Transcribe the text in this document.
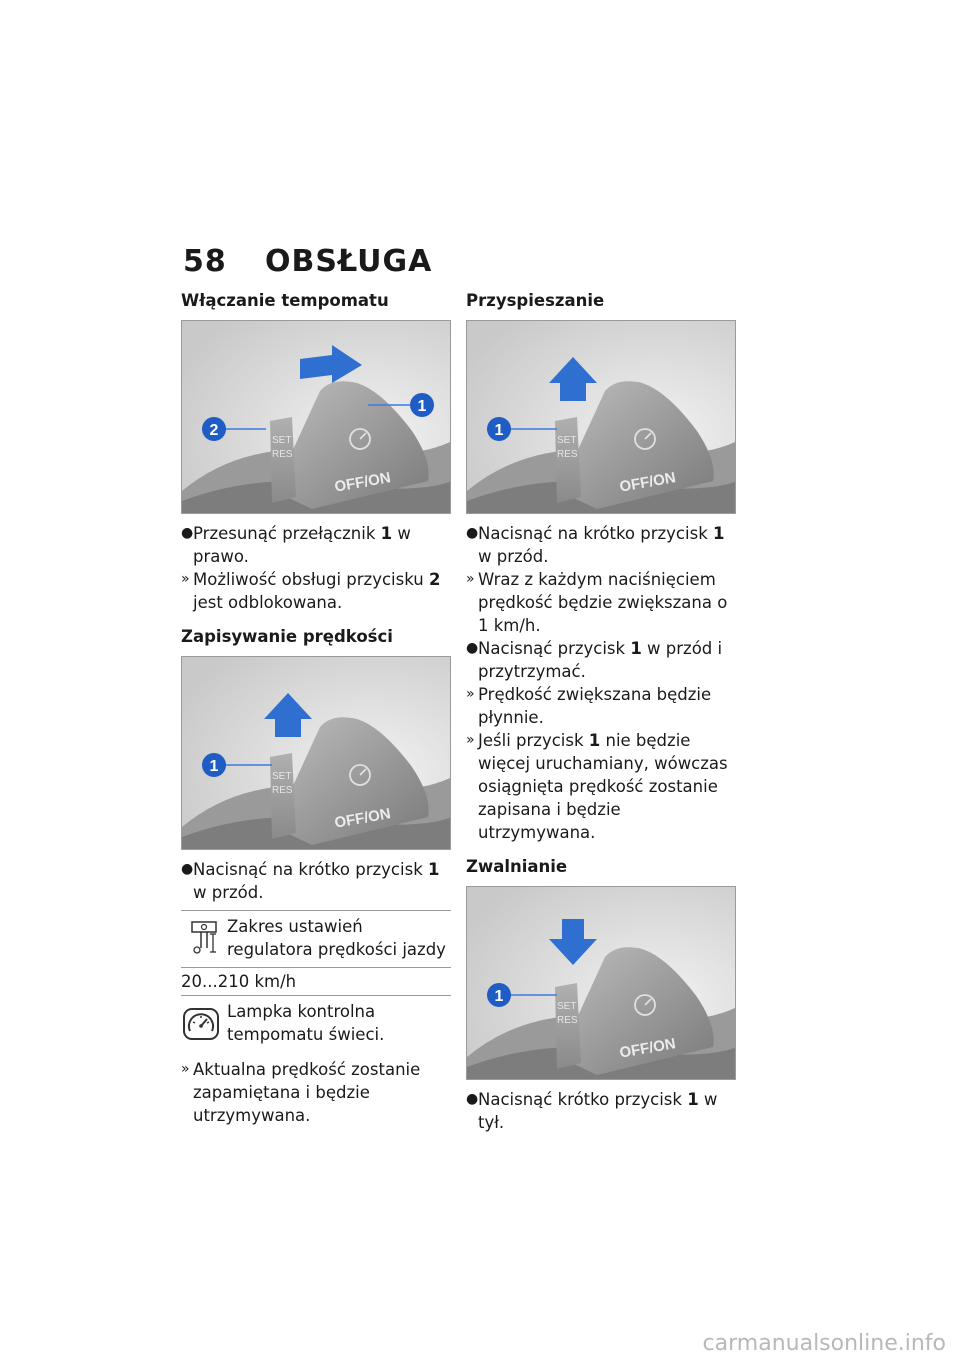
58 OBSŁUGA
Włączanie tempomatu
SET
RES
OFF/ON
2
1
● Przesunąć przełącznik 1 w prawo.
» Możliwość obsługi przycisku 2 jest odblokowana.
Zapisywanie prędkości
SET
RES
OFF/ON
1
● Nacisnąć na krótko przycisk 1 w przód.
Zakres ustawień regulatora prędkości jazdy
20...210 km/h
Lampka kontrolna tempomatu świeci.
» Aktualna prędkość zostanie zapamiętana i będzie utrzymywana.
Przyspieszanie
SET
RES
OFF/ON
1
● Nacisnąć na krótko przycisk 1 w przód.
» Wraz z każdym naciśnięciem prędkość będzie zwiększana o 1 km/h.
● Nacisnąć przycisk 1 w przód i przytrzymać.
» Prędkość zwiększana będzie płynnie.
» Jeśli przycisk 1 nie będzie więcej uruchamiany, wówczas osiągnięta prędkość zostanie zapisana i będzie utrzymywana.
Zwalnianie
SET
RES
OFF/ON
1
● Nacisnąć krótko przycisk 1 w tył.
carmanualsonline.info
